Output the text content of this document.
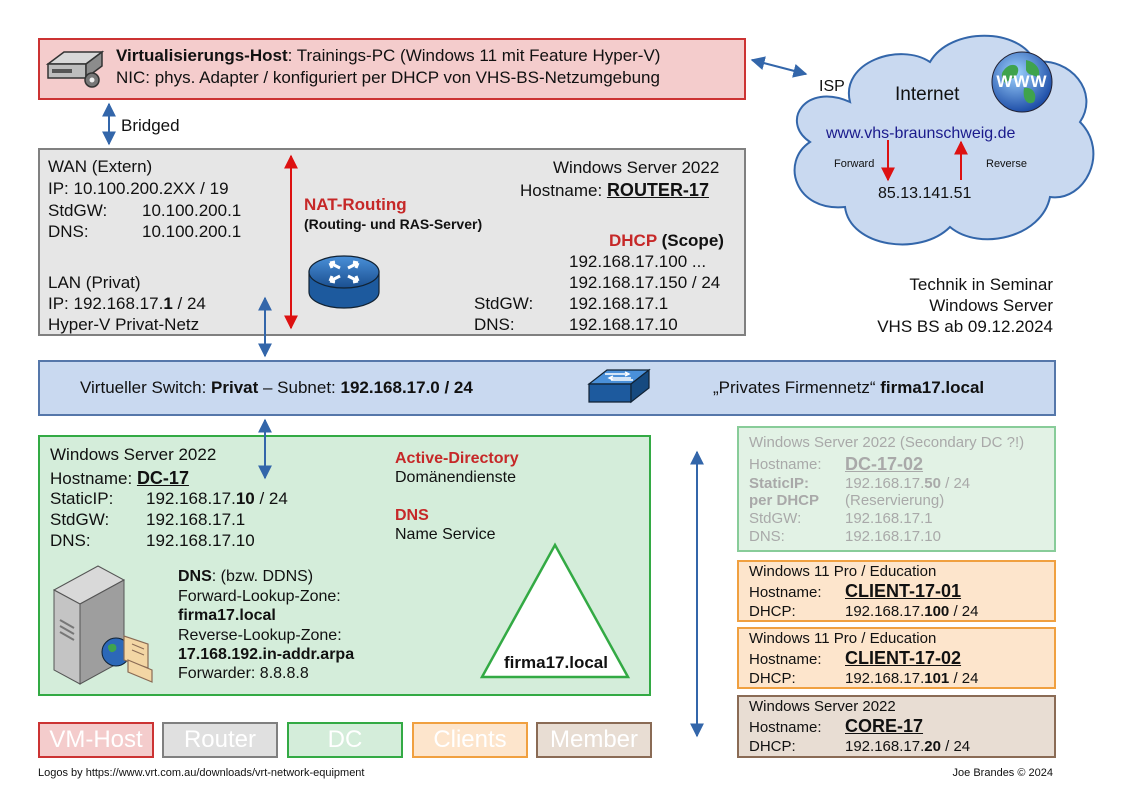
Virtualisierungs-Host: Trainings-PC (Windows 11 mit Feature Hyper-V)
NIC: phys. Adapter / konfiguriert per DHCP von VHS-BS-Netzumgebung
Bridged
WWW
ISP	Internet
www.vhs-braunschweig.de
Forward	Reverse
85.13.141.51
WAN (Extern)
IP: 10.100.200.2XX / 19
StdGW: 10.100.200.1
DNS:	10.100.200.1
LAN (Privat)
IP: 192.168.17.1 / 24
Hyper-V Privat-Netz
Windows Server 2022
Hostname: ROUTER-17
NAT-Routing
(Routing- und RAS-Server)
DHCP (Scope)
192.168.17.100 ...
192.168.17.150 / 24
StdGW: 192.168.17.1
DNS:	192.168.17.10
Technik in Seminar
Windows Server
VHS BS ab 09.12.2024
Virtueller Switch: Privat – Subnet: 192.168.17.0 / 24	„Privates Firmennetz“ firma17.local
Windows Server 2022
Hostname: DC-17
StaticIP: 192.168.17.10 / 24
StdGW: 192.168.17.1
DNS:	192.168.17.10
Active-Directory
Domänendienste
DNS
Name Service
DNS: (bzw. DDNS)
Forward-Lookup-Zone:
firma17.local
Reverse-Lookup-Zone:
17.168.192.in-addr.arpa
Forwarder: 8.8.8.8
firma17.local
Windows Server 2022 (Secondary DC ?!)
Hostname: DC-17-02
StaticIP: 192.168.17.50 / 24
per DHCP (Reservierung)
StdGW:	192.168.17.1
DNS:	192.168.17.10
Windows 11 Pro / Education
Hostname: CLIENT-17-01
DHCP:	192.168.17.100 / 24
Windows 11 Pro / Education
Hostname: CLIENT-17-02
DHCP:	192.168.17.101 / 24
Windows Server 2022
Hostname: CORE-17
DHCP:	192.168.17.20 / 24
VM-Host	Router	DC	Clients	Member
Logos by https://www.vrt.com.au/downloads/vrt-network-equipment	Joe Brandes © 2024
